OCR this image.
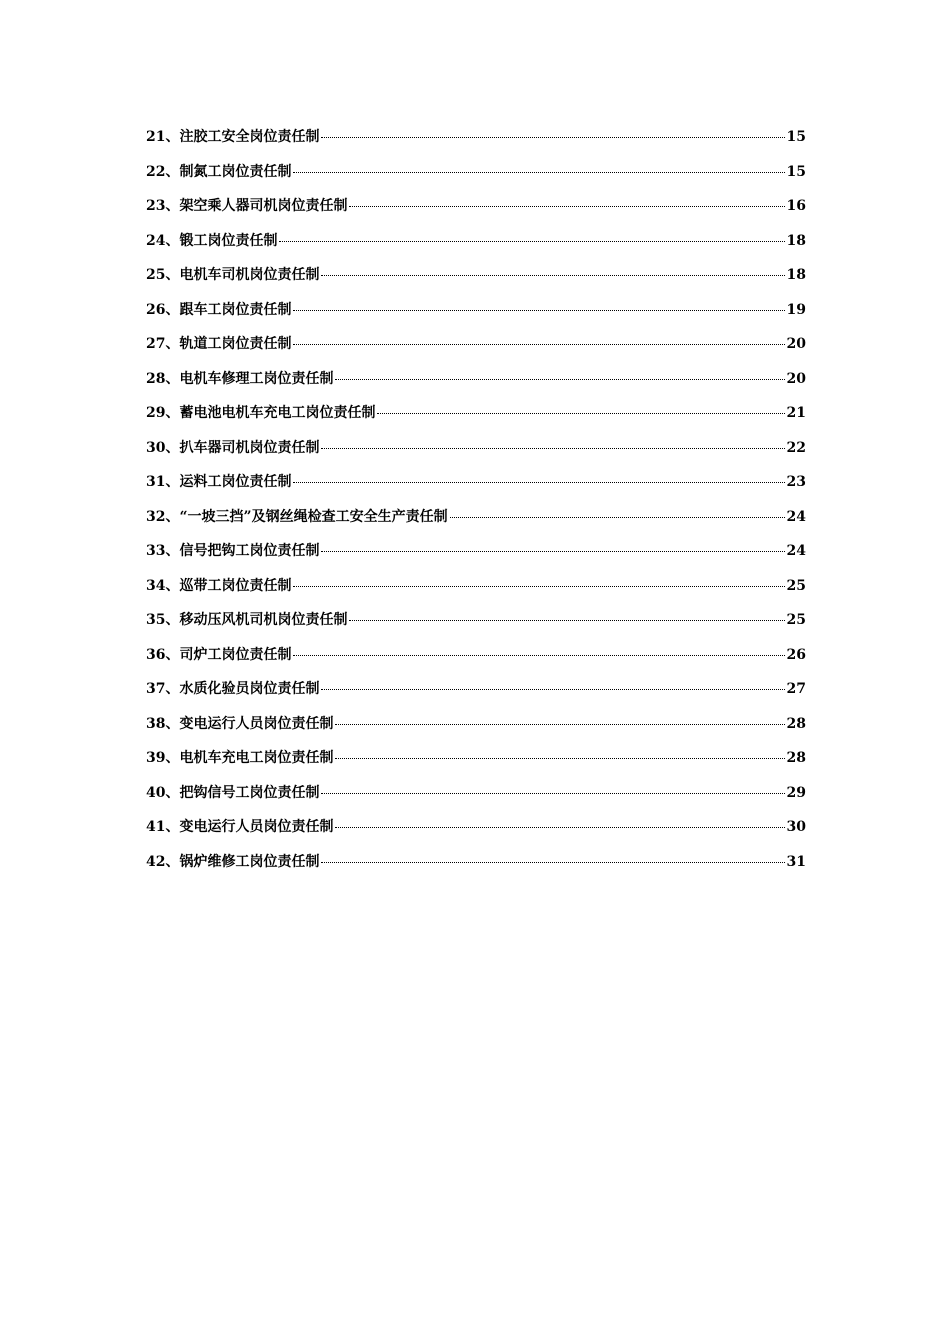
21、注胶工安全岗位责任制	15
22、制氮工岗位责任制	15
23、架空乘人器司机岗位责任制	16
24、锻工岗位责任制	18
25、电机车司机岗位责任制	18
26、跟车工岗位责任制	19
27、轨道工岗位责任制	20
28、电机车修理工岗位责任制	20
29、蓄电池电机车充电工岗位责任制	21
30、扒车器司机岗位责任制	22
31、运料工岗位责任制	23
32、“一坡三挡”及钢丝绳检查工安全生产责任制	24
33、信号把钩工岗位责任制	24
34、巡带工岗位责任制	25
35、移动压风机司机岗位责任制	25
36、司炉工岗位责任制	26
37、水质化验员岗位责任制	27
38、变电运行人员岗位责任制	28
39、电机车充电工岗位责任制	28
40、把钩信号工岗位责任制	29
41、变电运行人员岗位责任制	30
42、锅炉维修工岗位责任制	31
